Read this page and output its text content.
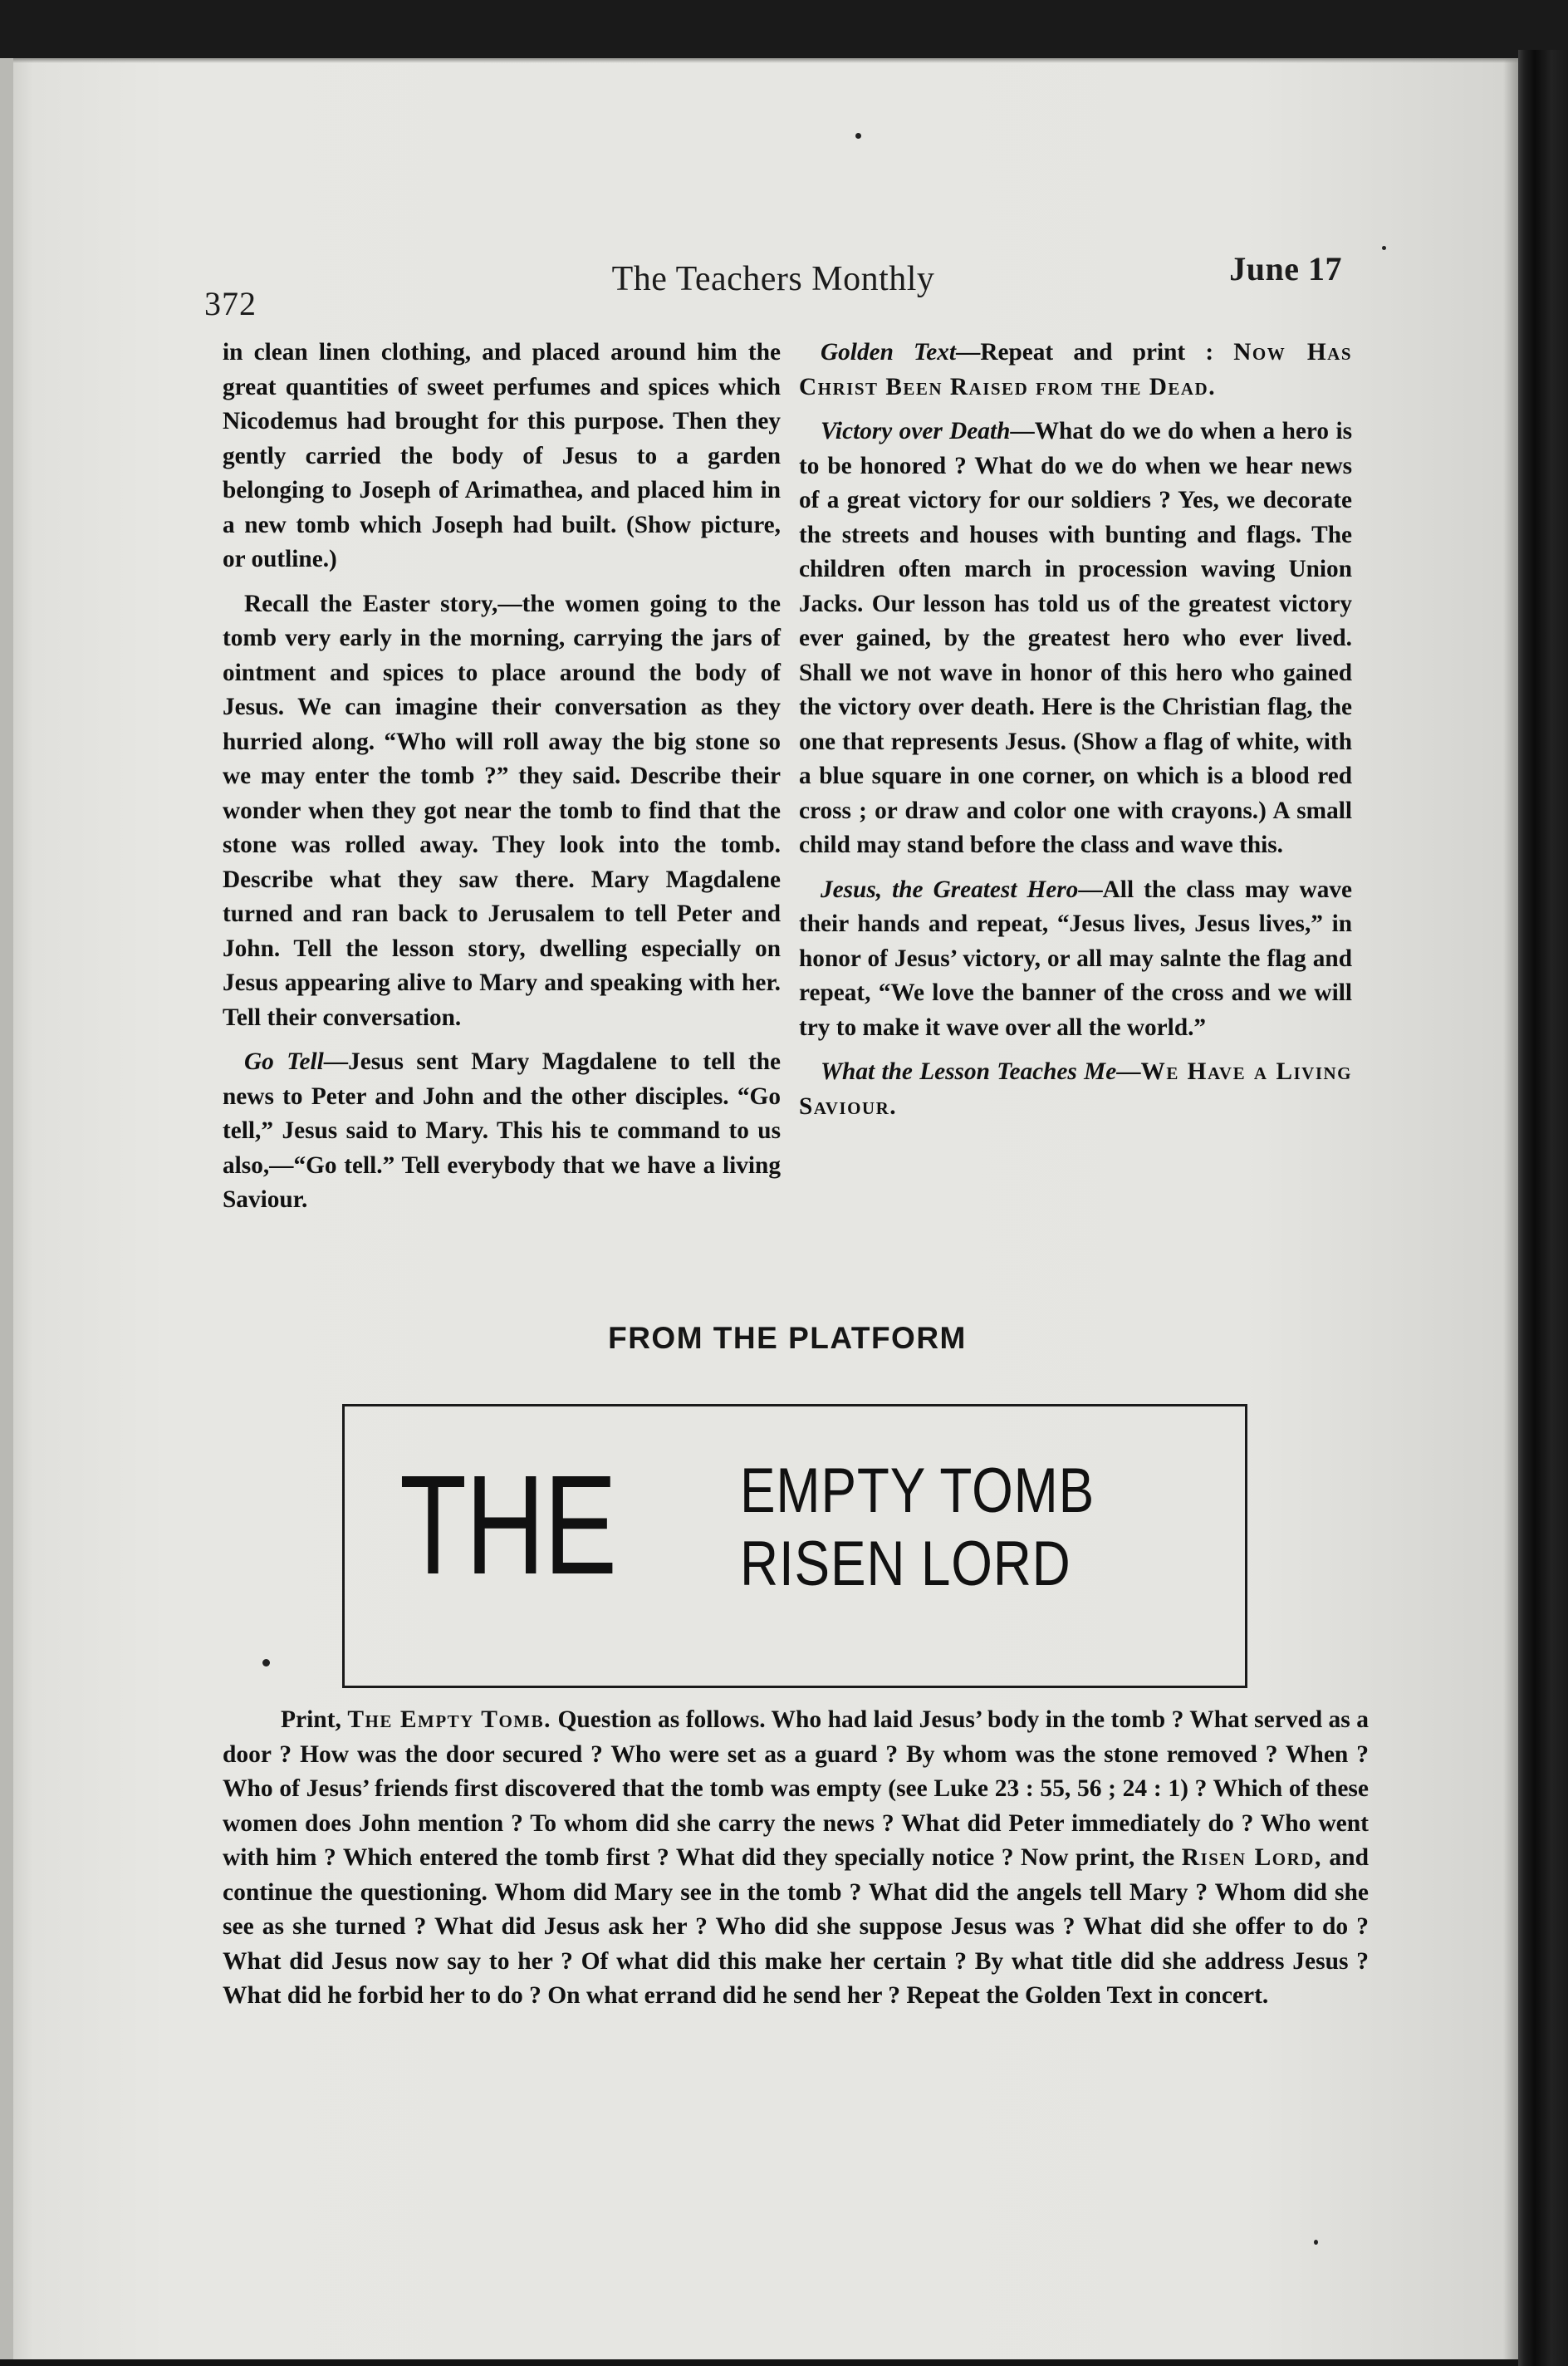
372
The Teachers Monthly	June 17

in clean linen clothing, and placed around him the great quantities of sweet perfumes and spices which Nicodemus had brought for this purpose. Then they gently carried the body of Jesus to a garden belonging to Joseph of Arimathea, and placed him in a new tomb which Joseph had built. (Show picture, or outline.)

Recall the Easter story,—the women going to the tomb very early in the morning, carrying the jars of ointment and spices to place around the body of Jesus. We can imagine their conversation as they hurried along. “Who will roll away the big stone so we may enter the tomb ?” they said. Describe their wonder when they got near the tomb to find that the stone was rolled away. They look into the tomb. Describe what they saw there. Mary Magdalene turned and ran back to Jerusalem to tell Peter and John. Tell the lesson story, dwelling especially on Jesus appearing alive to Mary and speaking with her. Tell their conversation.

Go Tell—Jesus sent Mary Magdalene to tell the news to Peter and John and the other disciples. “Go tell,” Jesus said to Mary. This his te command to us also,—“Go tell.” Tell everybody that we have a living Saviour.

Golden Text—Repeat and print : Now Has Christ Been Raised from the Dead.

Victory over Death—What do we do when a hero is to be honored ? What do we do when we hear news of a great victory for our soldiers ? Yes, we decorate the streets and houses with bunting and flags. The children often march in procession waving Union Jacks. Our lesson has told us of the greatest victory ever gained, by the greatest hero who ever lived. Shall we not wave in honor of this hero who gained the victory over death. Here is the Christian flag, the one that represents Jesus. (Show a flag of white, with a blue square in one corner, on which is a blood red cross ; or draw and color one with crayons.) A small child may stand before the class and wave this.

Jesus, the Greatest Hero—All the class may wave their hands and repeat, “Jesus lives, Jesus lives,” in honor of Jesus’ victory, or all may salnte the flag and repeat, “We love the banner of the cross and we will try to make it wave over all the world.”

What the Lesson Teaches Me—We Have a Living Saviour.

FROM THE PLATFORM
THE EMPTY TOMB
RISEN LORD

Print, The Empty Tomb. Question as follows. Who had laid Jesus’ body in the tomb ? What served as a door ? How was the door secured ? Who were set as a guard ? By whom was the stone removed ? When ? Who of Jesus’ friends first discovered that the tomb was empty (see Luke 23 : 55, 56 ; 24 : 1) ? Which of these women does John mention ? To whom did she carry the news ? What did Peter immediately do ? Who went with him ? Which entered the tomb first ? What did they specially notice ? Now print, the Risen Lord, and continue the questioning. Whom did Mary see in the tomb ? What did the angels tell Mary ? Whom did she see as she turned ? What did Jesus ask her ? Who did she suppose Jesus was ? What did she offer to do ? What did Jesus now say to her ? Of what did this make her certain ? By what title did she address Jesus ? What did he forbid her to do ? On what errand did he send her ? Repeat the Golden Text in concert.
